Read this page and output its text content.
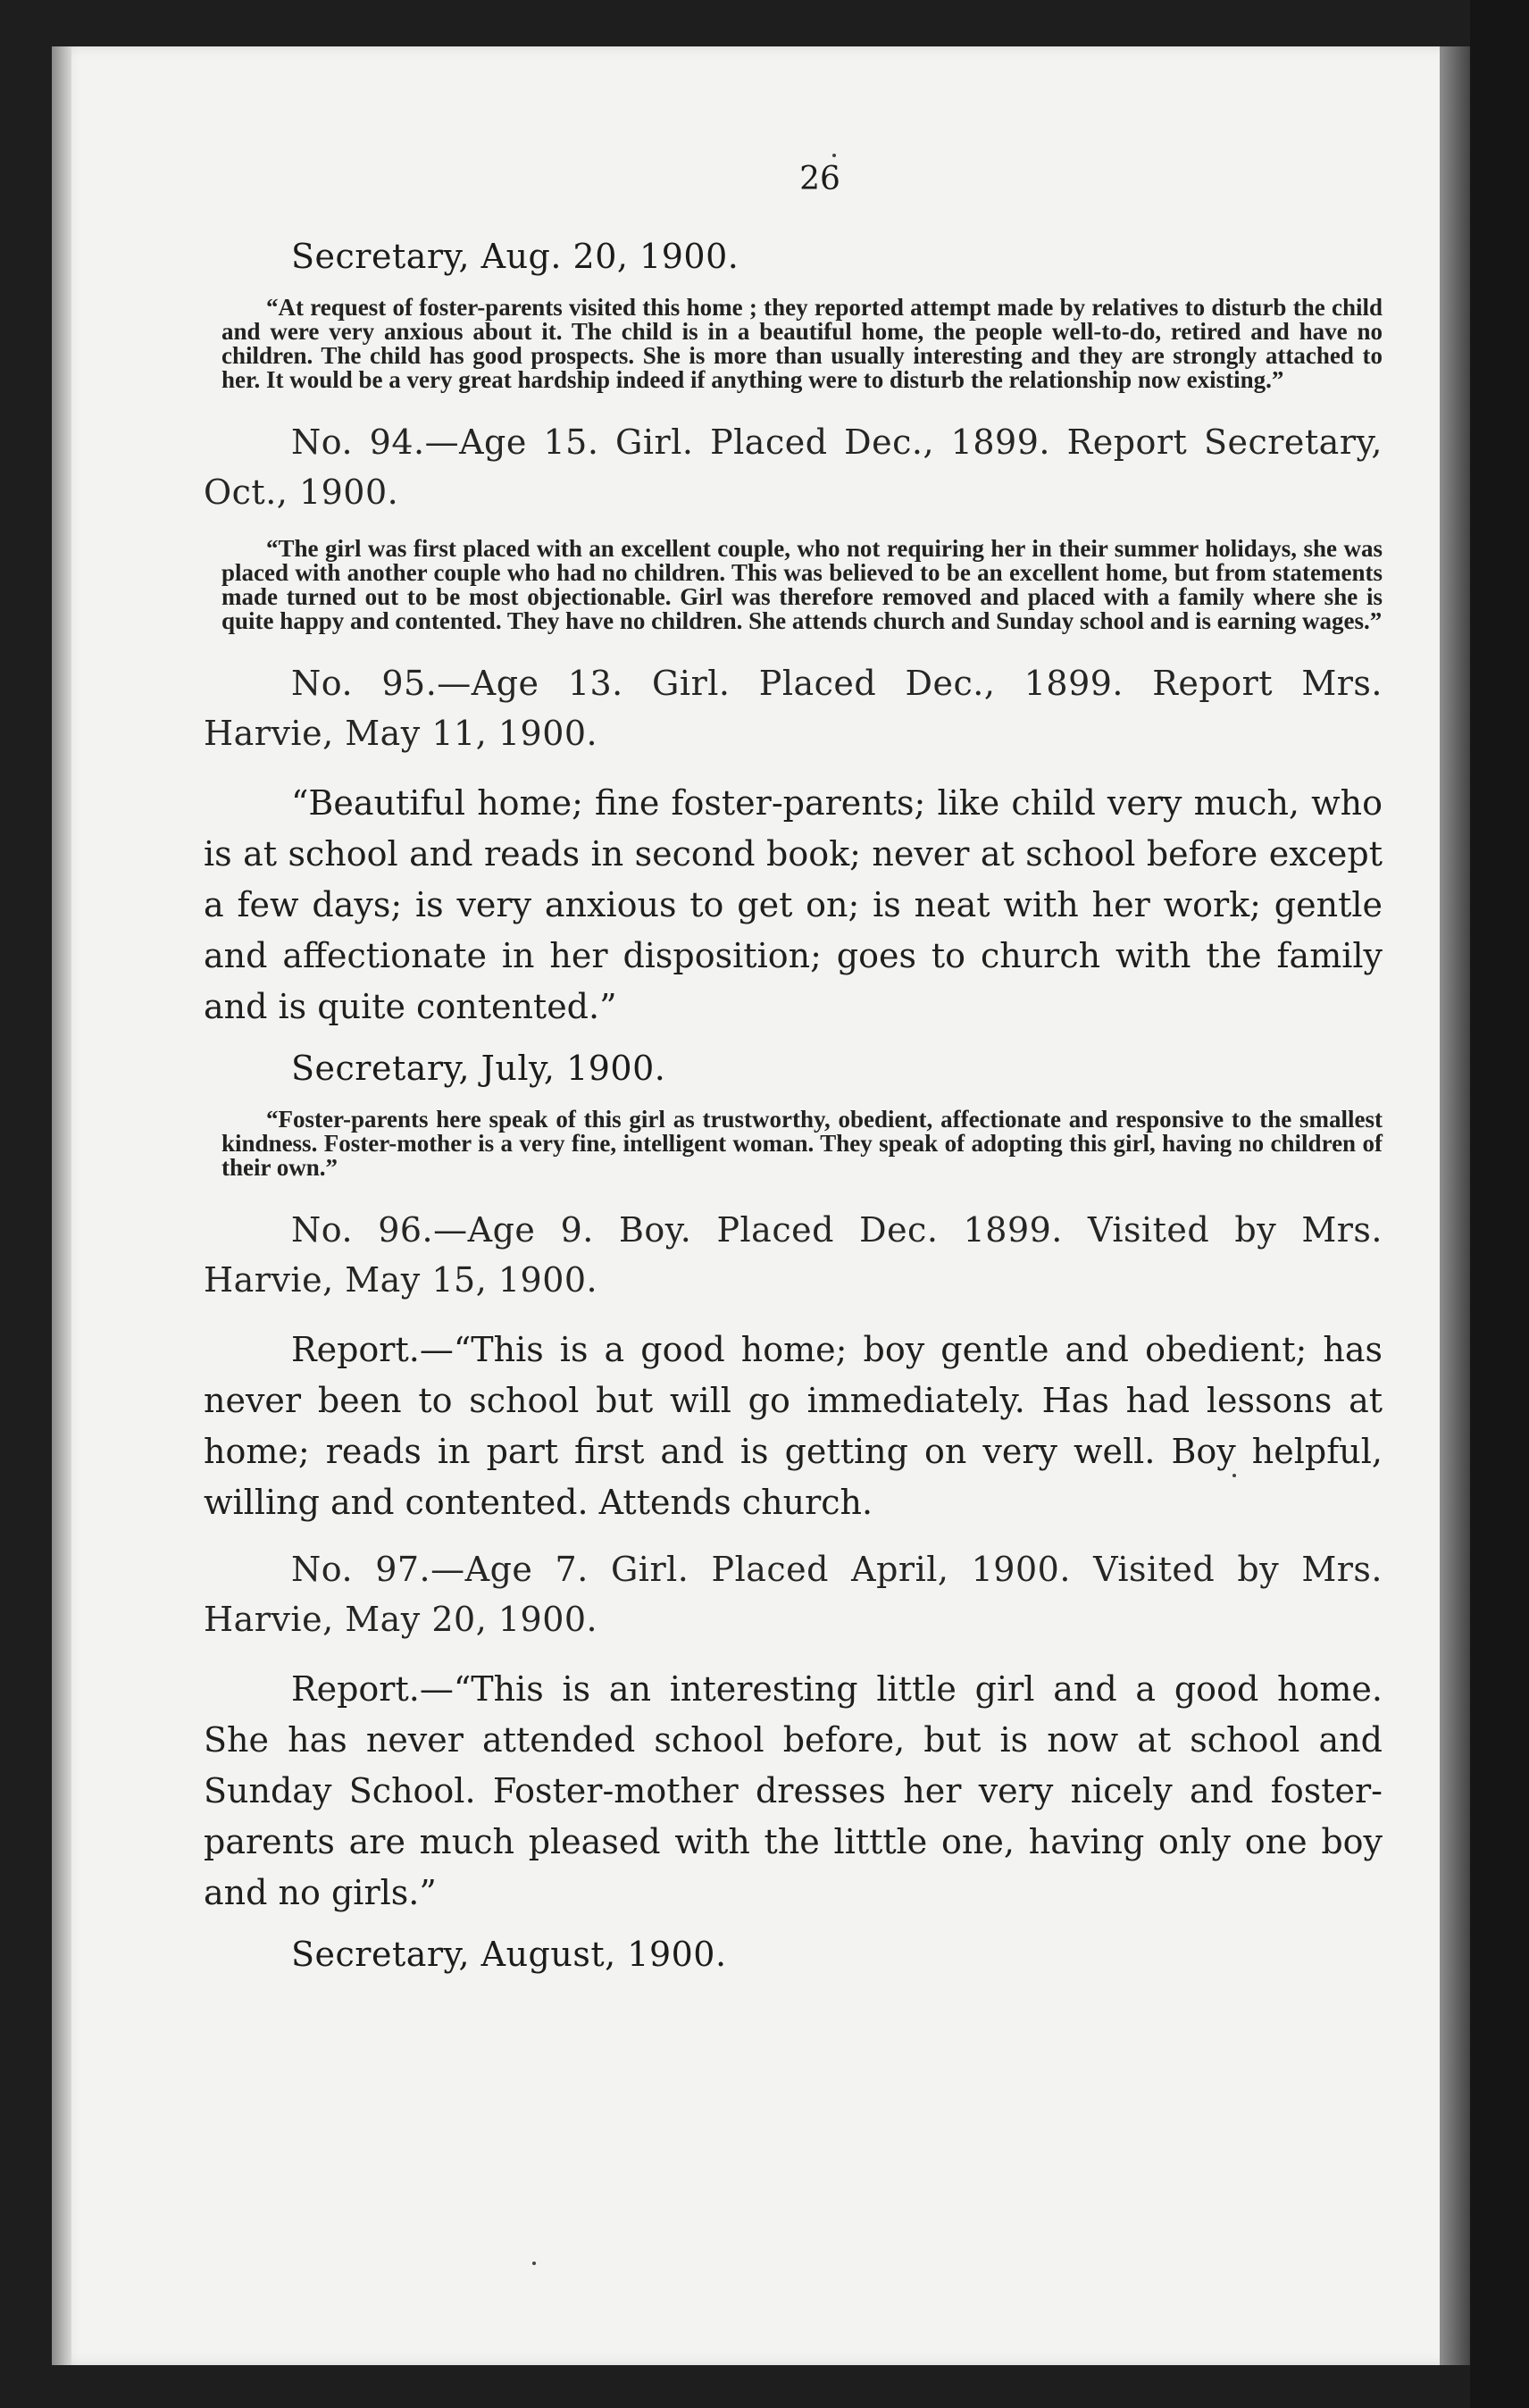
26
Secretary, Aug. 20, 1900.

“At request of foster-parents visited this home ; they reported attempt made by relatives to disturb the child and were very anxious about it. The child is in a beautiful home, the people well-to-do, retired and have no children. The child has good prospects. She is more than usually interesting and they are strongly attached to her. It would be a very great hardship indeed if anything were to disturb the relationship now existing.”

No. 94.—Age 15. Girl. Placed Dec., 1899. Report Secretary, Oct., 1900.

“The girl was first placed with an excellent couple, who not requiring her in their summer holidays, she was placed with another couple who had no children. This was believed to be an excellent home, but from statements made turned out to be most objectionable. Girl was therefore removed and placed with a family where she is quite happy and contented. They have no children. She attends church and Sunday school and is earning wages.”

No. 95.—Age 13. Girl. Placed Dec., 1899. Report Mrs. Harvie, May 11, 1900.

“Beautiful home; fine foster-parents; like child very much, who is at school and reads in second book; never at school before except a few days; is very anxious to get on; is neat with her work; gentle and affectionate in her disposition; goes to church with the family and is quite contented.”

Secretary, July, 1900.

“Foster-parents here speak of this girl as trustworthy, obedient, affectionate and responsive to the smallest kindness. Foster-mother is a very fine, intelligent woman. They speak of adopting this girl, having no children of their own.”

No. 96.—Age 9. Boy. Placed Dec. 1899. Visited by Mrs. Harvie, May 15, 1900.

Report.—“This is a good home; boy gentle and obedient; has never been to school but will go immediately. Has had lessons at home; reads in part first and is getting on very well. Boy helpful, willing and contented. Attends church.

No. 97.—Age 7. Girl. Placed April, 1900. Visited by Mrs. Harvie, May 20, 1900.

Report.—“This is an interesting little girl and a good home. She has never attended school before, but is now at school and Sunday School. Foster-mother dresses her very nicely and foster-parents are much pleased with the litttle one, having only one boy and no girls.”

Secretary, August, 1900.
